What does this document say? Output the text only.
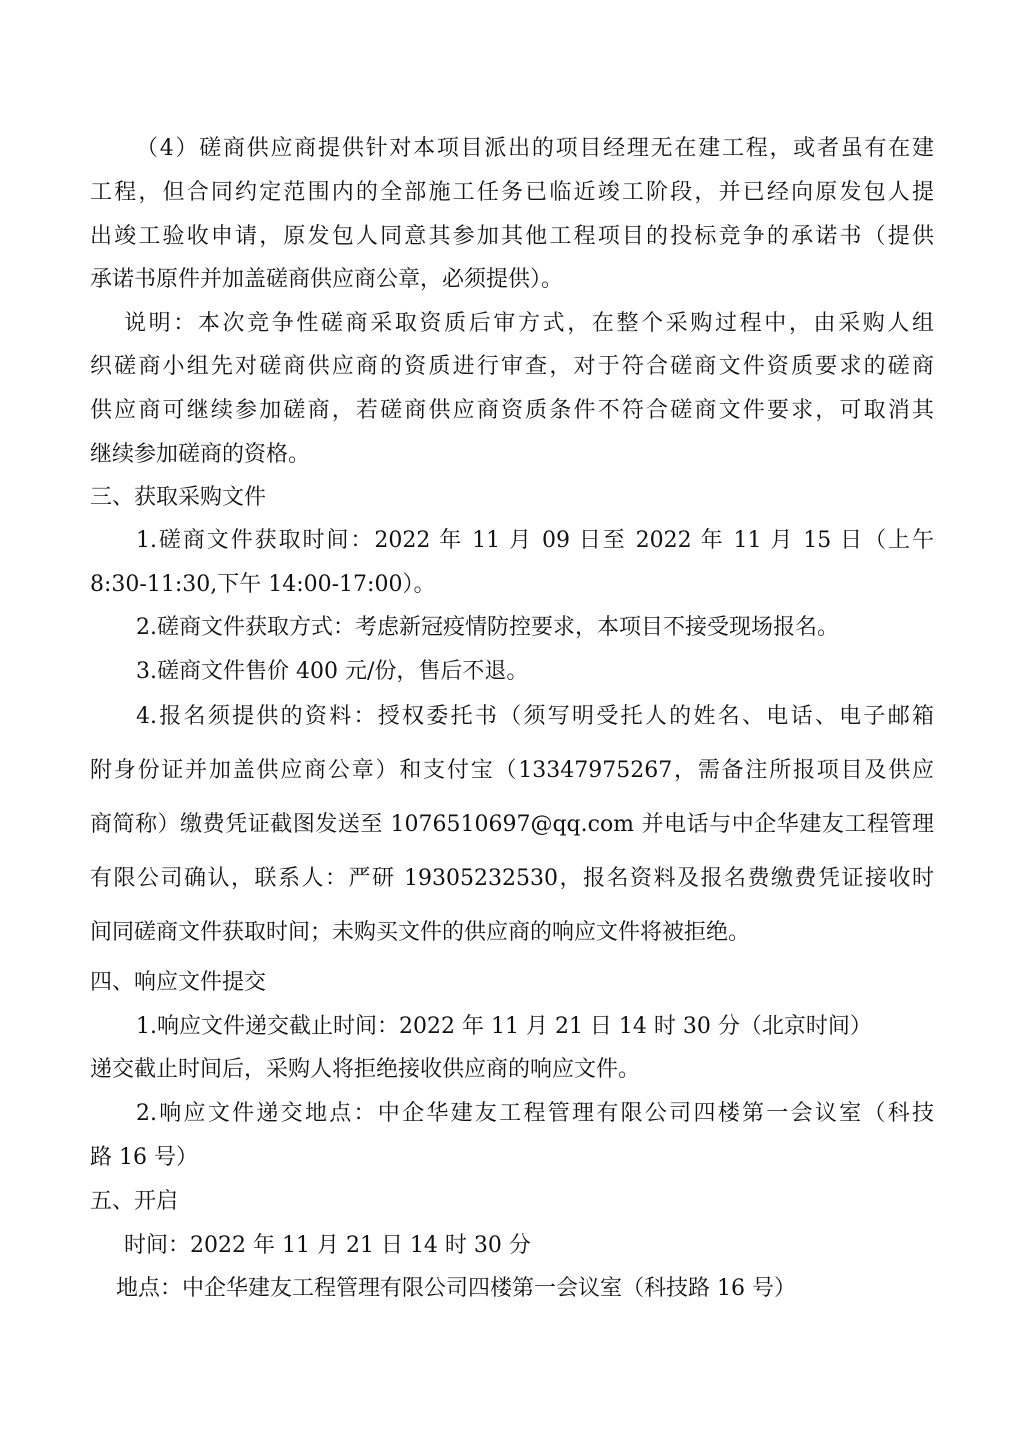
（4）磋商供应商提供针对本项目派出的项目经理无在建工程，或者虽有在建
工程，但合同约定范围内的全部施工任务已临近竣工阶段，并已经向原发包人提
出竣工验收申请，原发包人同意其参加其他工程项目的投标竞争的承诺书（提供
承诺书原件并加盖磋商供应商公章，必须提供）。
说明：本次竞争性磋商采取资质后审方式，在整个采购过程中，由采购人组
织磋商小组先对磋商供应商的资质进行审查，对于符合磋商文件资质要求的磋商
供应商可继续参加磋商，若磋商供应商资质条件不符合磋商文件要求，可取消其
继续参加磋商的资格。
三、获取采购文件
1.磋商文件获取时间：2022 年 11 月 09 日至 2022 年 11 月 15 日（上午
8:30-11:30,下午 14:00-17:00）。
2.磋商文件获取方式：考虑新冠疫情防控要求，本项目不接受现场报名。
3.磋商文件售价 400 元/份，售后不退。
4.报名须提供的资料：授权委托书（须写明受托人的姓名、电话、电子邮箱
附身份证并加盖供应商公章）和支付宝（13347975267，需备注所报项目及供应
商简称）缴费凭证截图发送至 1076510697@qq.com 并电话与中企华建友工程管理
有限公司确认，联系人：严研 19305232530，报名资料及报名费缴费凭证接收时
间同磋商文件获取时间；未购买文件的供应商的响应文件将被拒绝。
四、响应文件提交
1.响应文件递交截止时间：2022 年 11 月 21 日 14 时 30 分（北京时间）
递交截止时间后，采购人将拒绝接收供应商的响应文件。
2.响应文件递交地点：中企华建友工程管理有限公司四楼第一会议室（科技
路 16 号）
五、开启
时间：2022 年 11 月 21 日 14 时 30 分
地点：中企华建友工程管理有限公司四楼第一会议室（科技路 16 号）
